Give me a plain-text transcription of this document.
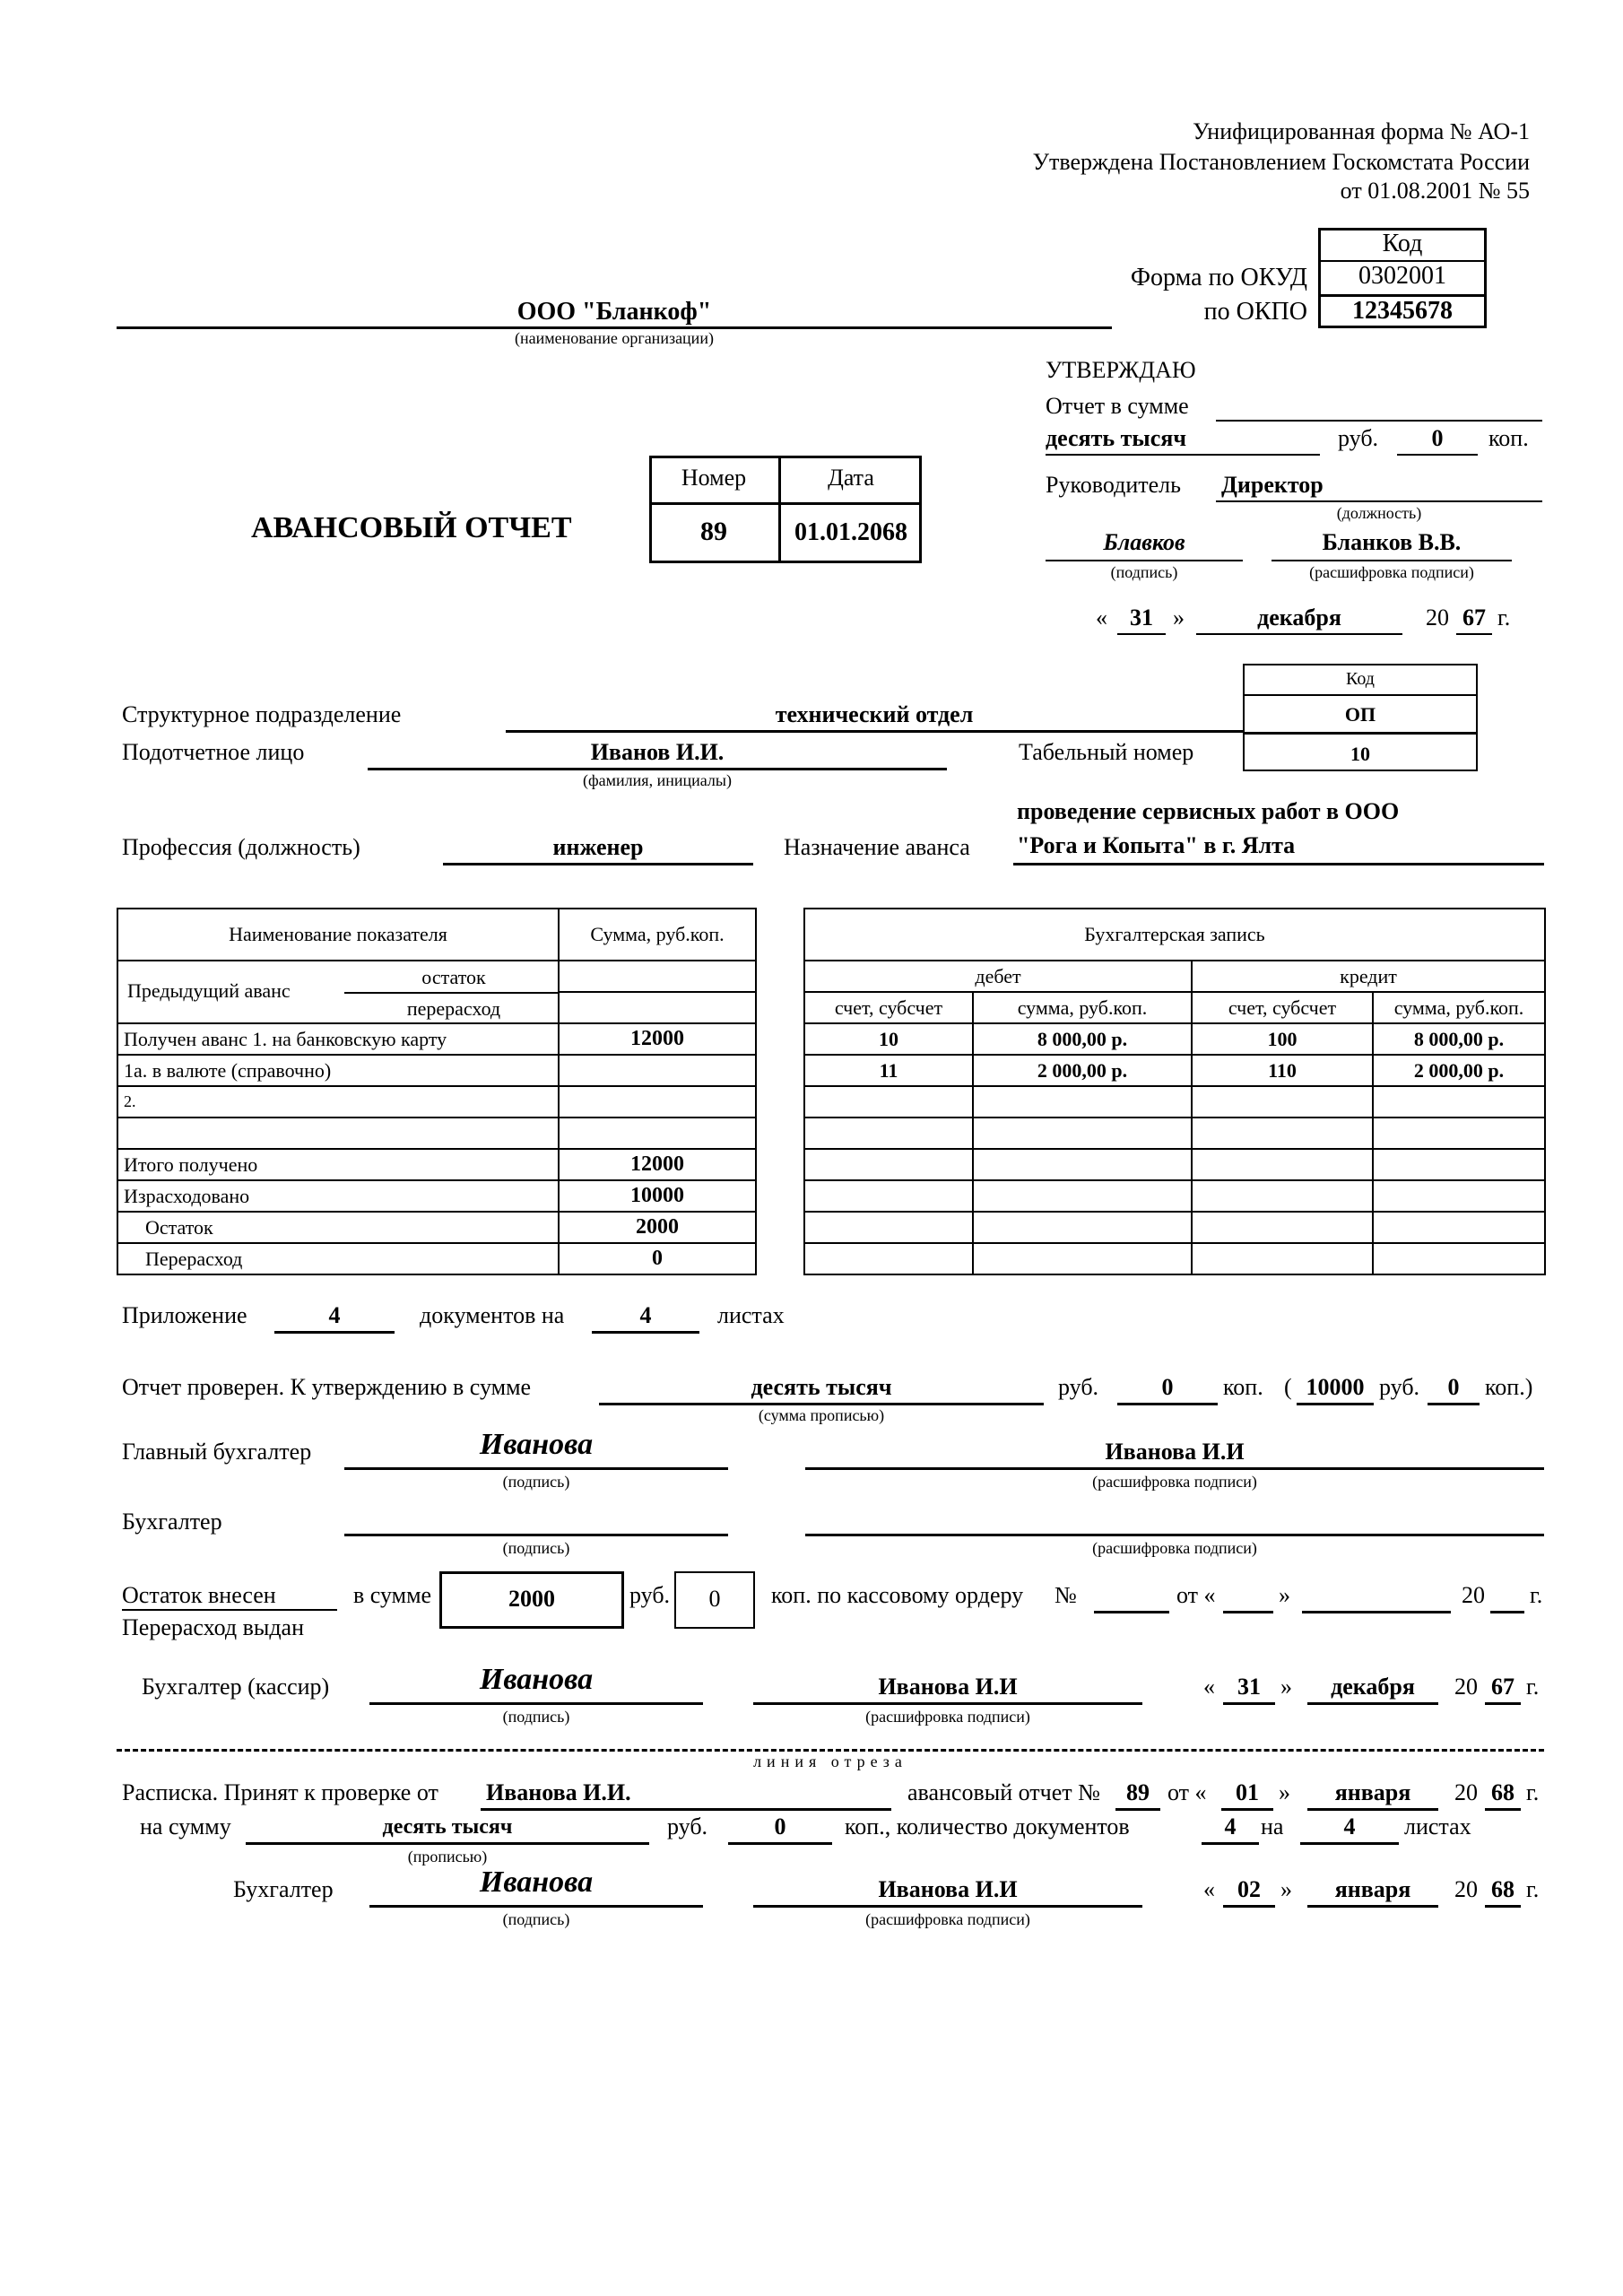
Унифицированная форма № АО-1
Утверждена Постановлением Госкомстата России
от 01.08.2001 № 55
Код
Форма по ОКУД	0302001
по ОКПО	12345678
ООО "Бланкоф"
(наименование организации)
УТВЕРЖДАЮ
Отчет в сумме
десять тысяч	руб.	0	коп.
Руководитель Директор
(должность)
Блавков
(подпись)
Бланков В.В.
(расшифровка подписи)
« 31 »	декабря	20 67 г.
АВАНСОВЫЙ ОТЧЕТ
Номер	Дата
89	01.01.2068
Код
ОП
10
Структурное подразделение	технический отдел
Подотчетное лицо	Иванов И.И.
(фамилия, инициалы)
Табельный номер
проведение сервисных работ в ООО
Профессия (должность)	инженер	Назначение аванса "Рога и Копыта" в г. Ялта
Наименование показателя	Сумма, руб.коп.

Предыдущий аванс
остаток
перерасход	

Получен аванс 1. на банковскую карту	12000
1а. в валюте (справочно)	
2.	

Итого получено	12000
Израсходовано	10000
Остаток	2000
Перерасход	0
Бухгалтерская запись			
дебет		кредит	
счет, субсчет	сумма, руб.коп.	счет, субсчет	сумма, руб.коп.
10	8 000,00 р.	100	8 000,00 р.
11	2 000,00 р.	110	2 000,00 р.

Приложение	4	документов на	4	листах
Отчет проверен. К утверждению в сумме	десять тысяч
(сумма прописью)
руб.	0	коп. ( 10000 руб.	0	коп.)
Главный бухгалтер	Иванова
(подпись)
Иванова И.И
(расшифровка подписи)
Бухгалтер
(подпись)	(расшифровка подписи)
Остаток внесен
Перерасход выдан
в сумме	2000	руб.	0	коп. по кассовому ордеру №	от «	»	20 г.
Бухгалтер (кассир)	Иванова
(подпись)
Иванова И.И
(расшифровка подписи)
« 31 »	декабря	20 67 г.
линия отреза
Расписка. Принят к проверке от Иванова И.И.	авансовый отчет №	89 от «	01 »	января	20 68 г.
на сумму	десять тысяч
(прописью)
руб.	0	коп., количество документов	4	на	4	листах
Бухгалтер	Иванова
(подпись)
Иванова И.И
(расшифровка подписи)
« 02 »	января	20 68 г.
